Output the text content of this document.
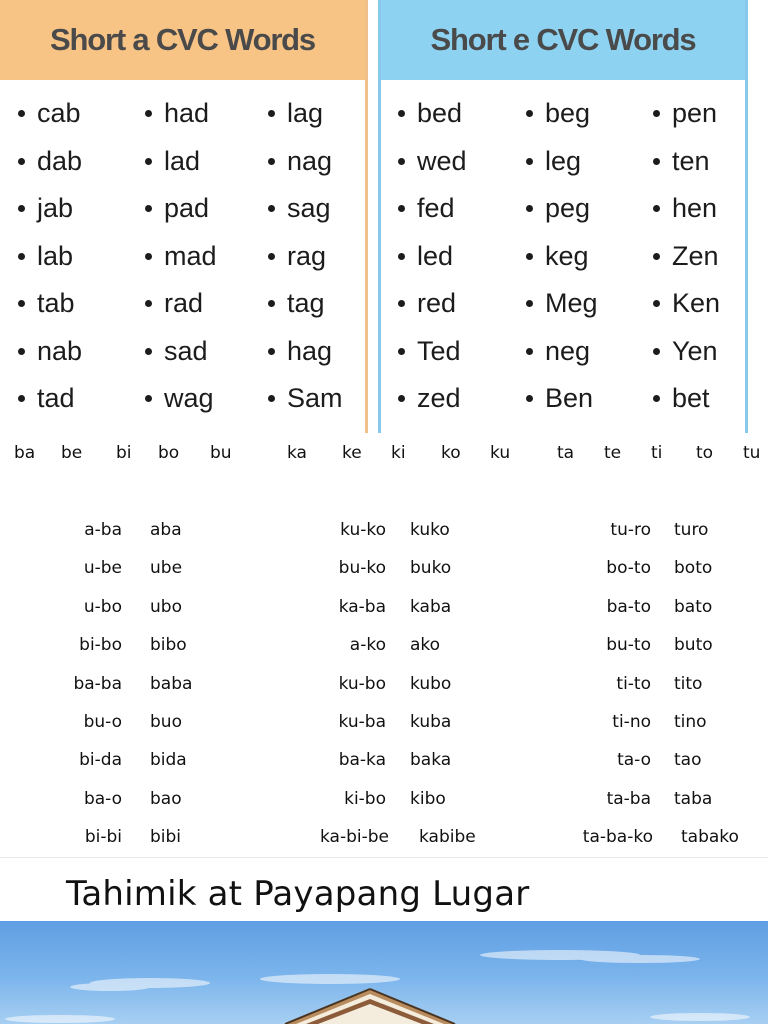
Short a CVC Words
cab
dab
jab
lab
tab
nab
tad
had
lad
pad
mad
rad
sad
wag
lag
nag
sag
rag
tag
hag
Sam
Short e CVC Words
bed
wed
fed
led
red
Ted
zed
beg
leg
peg
keg
Meg
neg
Ben
pen
ten
hen
Zen
Ken
Yen
bet
ba be bi bo bu	ka ke ki ko ku	ta te ti to tu
a-ba aba
u-be ube
u-bo ubo
bi-bo bibo
ba-ba baba
bu-o buo
bi-da bida
ba-o bao
bi-bi bibi
ku-ko kuko
bu-ko buko
ka-ba kaba
a-ko ako
ku-bo kubo
ku-ba kuba
ba-ka baka
ki-bo kibo
ka-bi-be kabibe
tu-ro turo
bo-to boto
ba-to bato
bu-to buto
ti-to tito
ti-no tino
ta-o tao
ta-ba taba
ta-ba-ko tabako
Tahimik at Payapang Lugar
